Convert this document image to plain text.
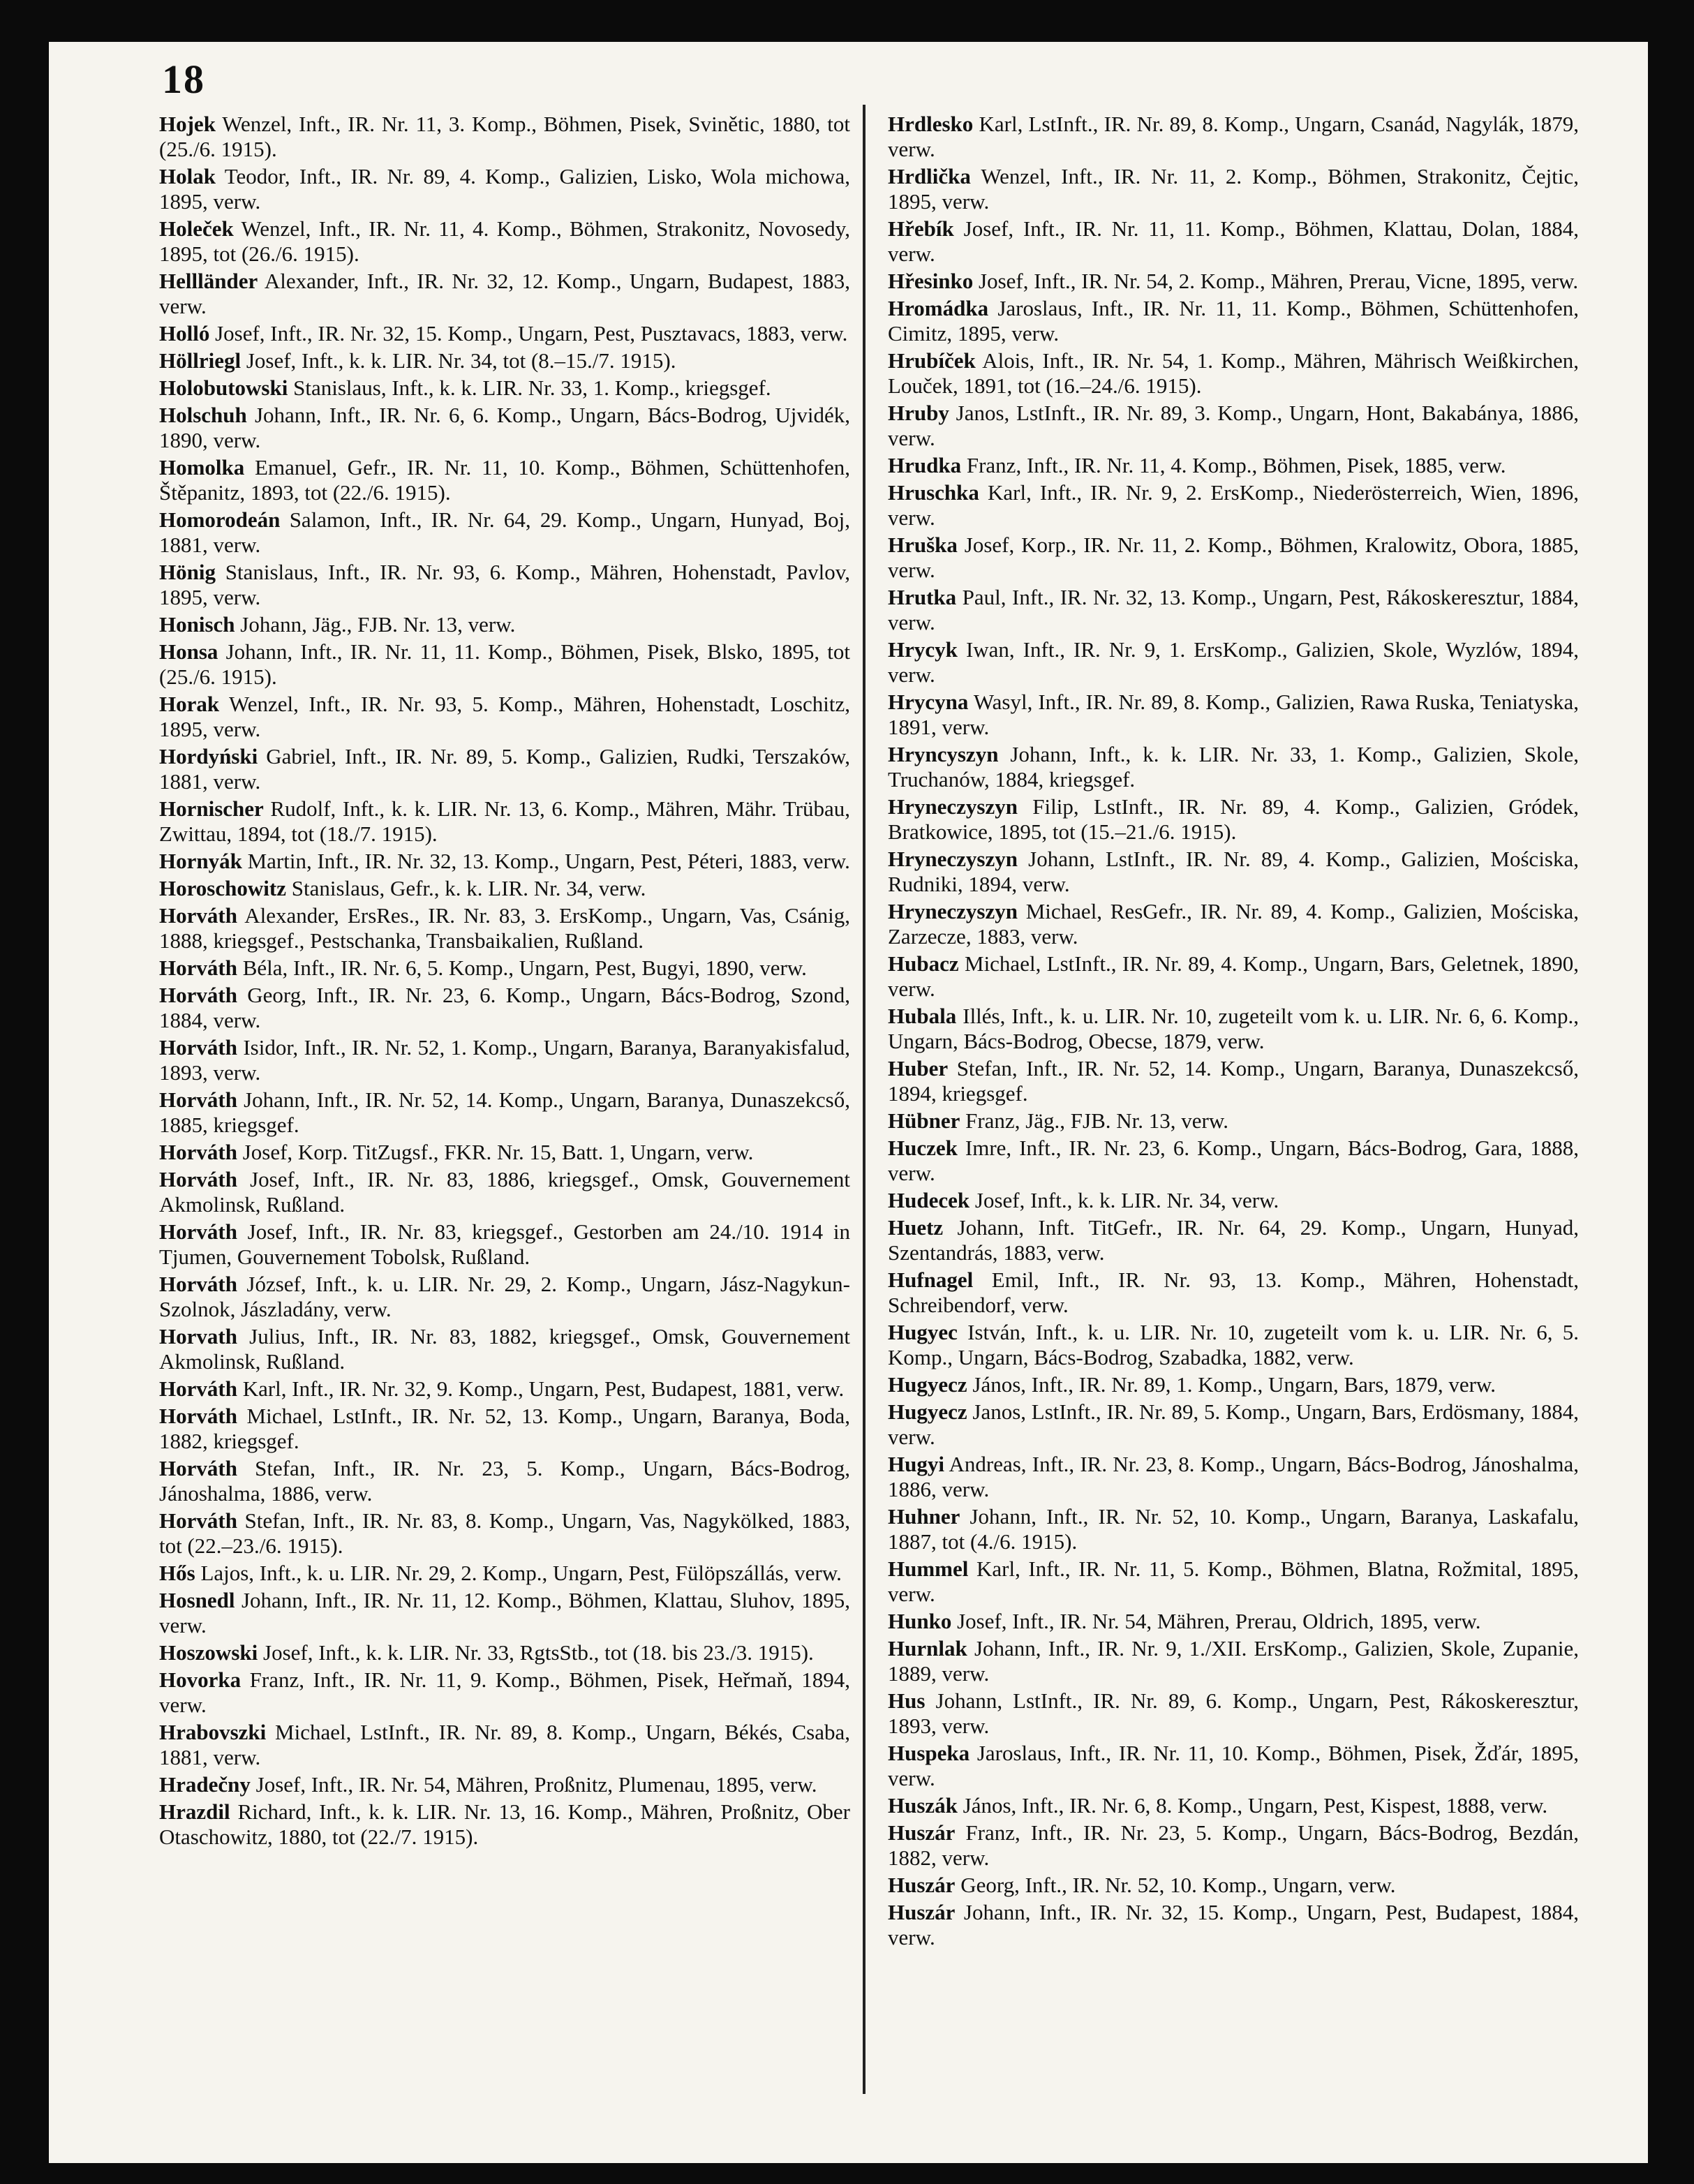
18

Hojek Wenzel, Inft., IR. Nr. 11, 3. Komp., Böhmen, Pisek, Svinětic, 1880, tot (25./6. 1915).

Holak Teodor, Inft., IR. Nr. 89, 4. Komp., Galizien, Lisko, Wola michowa, 1895, verw.

Holeček Wenzel, Inft., IR. Nr. 11, 4. Komp., Böhmen, Strakonitz, Novosedy, 1895, tot (26./6. 1915).

Hellländer Alexander, Inft., IR. Nr. 32, 12. Komp., Ungarn, Budapest, 1883, verw.

Holló Josef, Inft., IR. Nr. 32, 15. Komp., Ungarn, Pest, Pusztavacs, 1883, verw.

Höllriegl Josef, Inft., k. k. LIR. Nr. 34, tot (8.–15./7. 1915).

Holobutowski Stanislaus, Inft., k. k. LIR. Nr. 33, 1. Komp., kriegsgef.

Holschuh Johann, Inft., IR. Nr. 6, 6. Komp., Ungarn, Bács-Bodrog, Ujvidék, 1890, verw.

Homolka Emanuel, Gefr., IR. Nr. 11, 10. Komp., Böhmen, Schüttenhofen, Štěpanitz, 1893, tot (22./6. 1915).

Homorodeán Salamon, Inft., IR. Nr. 64, 29. Komp., Ungarn, Hunyad, Boj, 1881, verw.

Hönig Stanislaus, Inft., IR. Nr. 93, 6. Komp., Mähren, Hohenstadt, Pavlov, 1895, verw.

Honisch Johann, Jäg., FJB. Nr. 13, verw.

Honsa Johann, Inft., IR. Nr. 11, 11. Komp., Böhmen, Pisek, Blsko, 1895, tot (25./6. 1915).

Horak Wenzel, Inft., IR. Nr. 93, 5. Komp., Mähren, Hohenstadt, Loschitz, 1895, verw.

Hordyński Gabriel, Inft., IR. Nr. 89, 5. Komp., Galizien, Rudki, Terszaków, 1881, verw.

Hornischer Rudolf, Inft., k. k. LIR. Nr. 13, 6. Komp., Mähren, Mähr. Trübau, Zwittau, 1894, tot (18./7. 1915).

Hornyák Martin, Inft., IR. Nr. 32, 13. Komp., Ungarn, Pest, Péteri, 1883, verw.

Horoschowitz Stanislaus, Gefr., k. k. LIR. Nr. 34, verw.

Horváth Alexander, ErsRes., IR. Nr. 83, 3. ErsKomp., Ungarn, Vas, Csánig, 1888, kriegsgef., Pestschanka, Transbaikalien, Rußland.

Horváth Béla, Inft., IR. Nr. 6, 5. Komp., Ungarn, Pest, Bugyi, 1890, verw.

Horváth Georg, Inft., IR. Nr. 23, 6. Komp., Ungarn, Bács-Bodrog, Szond, 1884, verw.

Horváth Isidor, Inft., IR. Nr. 52, 1. Komp., Ungarn, Baranya, Baranyakisfalud, 1893, verw.

Horváth Johann, Inft., IR. Nr. 52, 14. Komp., Ungarn, Baranya, Dunaszekcső, 1885, kriegsgef.

Horváth Josef, Korp. TitZugsf., FKR. Nr. 15, Batt. 1, Ungarn, verw.

Horváth Josef, Inft., IR. Nr. 83, 1886, kriegsgef., Omsk, Gouvernement Akmolinsk, Rußland.

Horváth Josef, Inft., IR. Nr. 83, kriegsgef., Gestorben am 24./10. 1914 in Tjumen, Gouvernement Tobolsk, Rußland.

Horváth József, Inft., k. u. LIR. Nr. 29, 2. Komp., Ungarn, Jász-Nagykun-Szolnok, Jászladány, verw.

Horvath Julius, Inft., IR. Nr. 83, 1882, kriegsgef., Omsk, Gouvernement Akmolinsk, Rußland.

Horváth Karl, Inft., IR. Nr. 32, 9. Komp., Ungarn, Pest, Budapest, 1881, verw.

Horváth Michael, LstInft., IR. Nr. 52, 13. Komp., Ungarn, Baranya, Boda, 1882, kriegsgef.

Horváth Stefan, Inft., IR. Nr. 23, 5. Komp., Ungarn, Bács-Bodrog, Jánoshalma, 1886, verw.

Horváth Stefan, Inft., IR. Nr. 83, 8. Komp., Ungarn, Vas, Nagykölked, 1883, tot (22.–23./6. 1915).

Hős Lajos, Inft., k. u. LIR. Nr. 29, 2. Komp., Ungarn, Pest, Fülöpszállás, verw.

Hosnedl Johann, Inft., IR. Nr. 11, 12. Komp., Böhmen, Klattau, Sluhov, 1895, verw.

Hoszowski Josef, Inft., k. k. LIR. Nr. 33, RgtsStb., tot (18. bis 23./3. 1915).

Hovorka Franz, Inft., IR. Nr. 11, 9. Komp., Böhmen, Pisek, Heřmaň, 1894, verw.

Hrabovszki Michael, LstInft., IR. Nr. 89, 8. Komp., Ungarn, Békés, Csaba, 1881, verw.

Hradečny Josef, Inft., IR. Nr. 54, Mähren, Proßnitz, Plumenau, 1895, verw.

Hrazdil Richard, Inft., k. k. LIR. Nr. 13, 16. Komp., Mähren, Proßnitz, Ober Otaschowitz, 1880, tot (22./7. 1915).

Hrdlesko Karl, LstInft., IR. Nr. 89, 8. Komp., Ungarn, Csanád, Nagylák, 1879, verw.

Hrdlička Wenzel, Inft., IR. Nr. 11, 2. Komp., Böhmen, Strakonitz, Čejtic, 1895, verw.

Hřebík Josef, Inft., IR. Nr. 11, 11. Komp., Böhmen, Klattau, Dolan, 1884, verw.

Hřesinko Josef, Inft., IR. Nr. 54, 2. Komp., Mähren, Prerau, Vicne, 1895, verw.

Hromádka Jaroslaus, Inft., IR. Nr. 11, 11. Komp., Böhmen, Schüttenhofen, Cimitz, 1895, verw.

Hrubíček Alois, Inft., IR. Nr. 54, 1. Komp., Mähren, Mährisch Weißkirchen, Louček, 1891, tot (16.–24./6. 1915).

Hruby Janos, LstInft., IR. Nr. 89, 3. Komp., Ungarn, Hont, Bakabánya, 1886, verw.

Hrudka Franz, Inft., IR. Nr. 11, 4. Komp., Böhmen, Pisek, 1885, verw.

Hruschka Karl, Inft., IR. Nr. 9, 2. ErsKomp., Niederösterreich, Wien, 1896, verw.

Hruška Josef, Korp., IR. Nr. 11, 2. Komp., Böhmen, Kralowitz, Obora, 1885, verw.

Hrutka Paul, Inft., IR. Nr. 32, 13. Komp., Ungarn, Pest, Rákoskeresztur, 1884, verw.

Hrycyk Iwan, Inft., IR. Nr. 9, 1. ErsKomp., Galizien, Skole, Wyzlów, 1894, verw.

Hrycyna Wasyl, Inft., IR. Nr. 89, 8. Komp., Galizien, Rawa Ruska, Teniatyska, 1891, verw.

Hryncyszyn Johann, Inft., k. k. LIR. Nr. 33, 1. Komp., Galizien, Skole, Truchanów, 1884, kriegsgef.

Hryneczyszyn Filip, LstInft., IR. Nr. 89, 4. Komp., Galizien, Gródek, Bratkowice, 1895, tot (15.–21./6. 1915).

Hryneczyszyn Johann, LstInft., IR. Nr. 89, 4. Komp., Galizien, Mościska, Rudniki, 1894, verw.

Hryneczyszyn Michael, ResGefr., IR. Nr. 89, 4. Komp., Galizien, Mościska, Zarzecze, 1883, verw.

Hubacz Michael, LstInft., IR. Nr. 89, 4. Komp., Ungarn, Bars, Geletnek, 1890, verw.

Hubala Illés, Inft., k. u. LIR. Nr. 10, zugeteilt vom k. u. LIR. Nr. 6, 6. Komp., Ungarn, Bács-Bodrog, Obecse, 1879, verw.

Huber Stefan, Inft., IR. Nr. 52, 14. Komp., Ungarn, Baranya, Dunaszekcső, 1894, kriegsgef.

Hübner Franz, Jäg., FJB. Nr. 13, verw.

Huczek Imre, Inft., IR. Nr. 23, 6. Komp., Ungarn, Bács-Bodrog, Gara, 1888, verw.

Hudecek Josef, Inft., k. k. LIR. Nr. 34, verw.

Huetz Johann, Inft. TitGefr., IR. Nr. 64, 29. Komp., Ungarn, Hunyad, Szentandrás, 1883, verw.

Hufnagel Emil, Inft., IR. Nr. 93, 13. Komp., Mähren, Hohenstadt, Schreibendorf, verw.

Hugyec István, Inft., k. u. LIR. Nr. 10, zugeteilt vom k. u. LIR. Nr. 6, 5. Komp., Ungarn, Bács-Bodrog, Szabadka, 1882, verw.

Hugyecz János, Inft., IR. Nr. 89, 1. Komp., Ungarn, Bars, 1879, verw.

Hugyecz Janos, LstInft., IR. Nr. 89, 5. Komp., Ungarn, Bars, Erdösmany, 1884, verw.

Hugyi Andreas, Inft., IR. Nr. 23, 8. Komp., Ungarn, Bács-Bodrog, Jánoshalma, 1886, verw.

Huhner Johann, Inft., IR. Nr. 52, 10. Komp., Ungarn, Baranya, Laskafalu, 1887, tot (4./6. 1915).

Hummel Karl, Inft., IR. Nr. 11, 5. Komp., Böhmen, Blatna, Rožmital, 1895, verw.

Hunko Josef, Inft., IR. Nr. 54, Mähren, Prerau, Oldrich, 1895, verw.

Hurnlak Johann, Inft., IR. Nr. 9, 1./XII. ErsKomp., Galizien, Skole, Zupanie, 1889, verw.

Hus Johann, LstInft., IR. Nr. 89, 6. Komp., Ungarn, Pest, Rákoskeresztur, 1893, verw.

Huspeka Jaroslaus, Inft., IR. Nr. 11, 10. Komp., Böhmen, Pisek, Žďár, 1895, verw.

Huszák János, Inft., IR. Nr. 6, 8. Komp., Ungarn, Pest, Kispest, 1888, verw.

Huszár Franz, Inft., IR. Nr. 23, 5. Komp., Ungarn, Bács-Bodrog, Bezdán, 1882, verw.

Huszár Georg, Inft., IR. Nr. 52, 10. Komp., Ungarn, verw.

Huszár Johann, Inft., IR. Nr. 32, 15. Komp., Ungarn, Pest, Budapest, 1884, verw.
